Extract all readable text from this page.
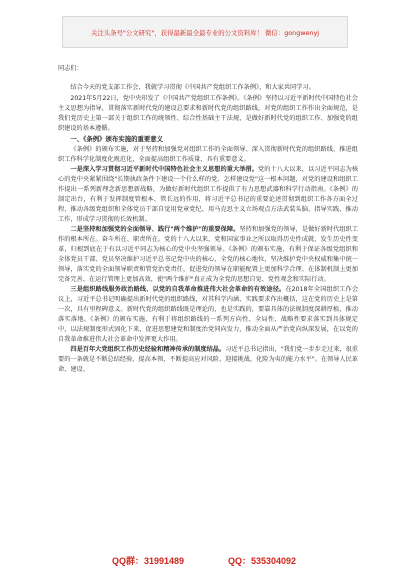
关注头条号"公文研究"，获得最新最全最专业的公文资料库！ 微信：gongwenyj
同志们：

结合今天的党支部工作会，我就学习贯彻《中国共产党组织工作条例》，和大家共同学习。

2021年5月22日，党中央印发了《中国共产党组织工作条例》。《条例》坚持以习近平新时代中国特色社会主义思想为指导，贯彻落实新时代党的建设总要求和新时代党的组织路线，对党的组织工作作出全面规范，是我们党历史上第一部关于组织工作的统领性、综合性基础主干法规，是做好新时代党的组织工作、加强党的组织建设的基本遵循。

一、《条例》颁布实施的重要意义

《条例》的颁布实施，对于坚持和加强党对组织工作的全面领导、深入贯彻新时代党的组织路线，推进组织工作科学化制度化规范化，全面提高组织工作质量，具有重要意义。

一是深入学习贯彻习近平新时代中国特色社会主义思想的重大举措。党的十八大以来，以习近平同志为核心的党中央紧紧围绕"长期执政条件下建设一个什么样的党、怎样建设党"这一根本问题，对党的建设和组织工作提出一系列新理念新思想新战略，为做好新时代组织工作提供了有力思想武器和科学行动指南。《条例》的制定出台，有利于发挥制度管根本、管长远的作用，将习近平总书记的重要论述贯彻到组织工作各方面全过程，推动各级党组织和全体党员干部自觉用党章党纪、用马克思主义立场观点方法武装头脑、指导实践、推动工作，形成学习贯彻的长效机制。

二是坚持和加强党的全面领导、践行"两个维护"的重要保障。坚持和加强党的领导，是做好新时代组织工作的根本所在。奋斗所在、职责所在。党的十八大以来，党和国家事业之所以取得历史性成就、发生历史性变革，归根到底在于有以习近平同志为核心的党中央坚强领导。《条例》的颁布实施，有利于保证各级党组织和全体党员干部、党员坚决维护习近平总书记党中央的核心、全党的核心地位，坚决维护党中央权威和集中统一领导，落实党的全面领导职责和管党治党责任，促进党的领导在职能配置上更加科学合理、在体制机制上更加完备完善、在运行管理上更加高效，使"两个维护"真正成为全党的思想自觉、党性观念和实际行动。

三是组织路线服务政治路线、以党的自我革命推进伟大社会革命的有效途径。在2018年全国组织工作会议上，习近平总书记明确提出新时代党的组织路线，对其科学内涵、实践要求作出概括，这在党的历史上是第一次，具有里程碑意义。新时代党的组织路线既是理论的，也是实践的，要靠具体的法规制度深耕厚植，推动落实落地。《条例》的颁布实施，有利于将组织路线的一系列方向性、全局性、战略性要求落实到具体规定中，以法规制度形式固化下来，促进思想建党和制度治党同向发力，推动全面从严治党向纵深发展，在以党的自我革命推进伟大社会革命中发挥更大作用。

四是百年大党组织工作历史经验和精神传承的制度结晶。习近平总书记指出，"我们党一步步走过来，很重要的一条就是不断总结经验、提高本领，不断提高应对风险、迎接挑战、化险为夷的能力水平"。在领导人民革命、建设、

QQ群：31991489	QQ：535304092
